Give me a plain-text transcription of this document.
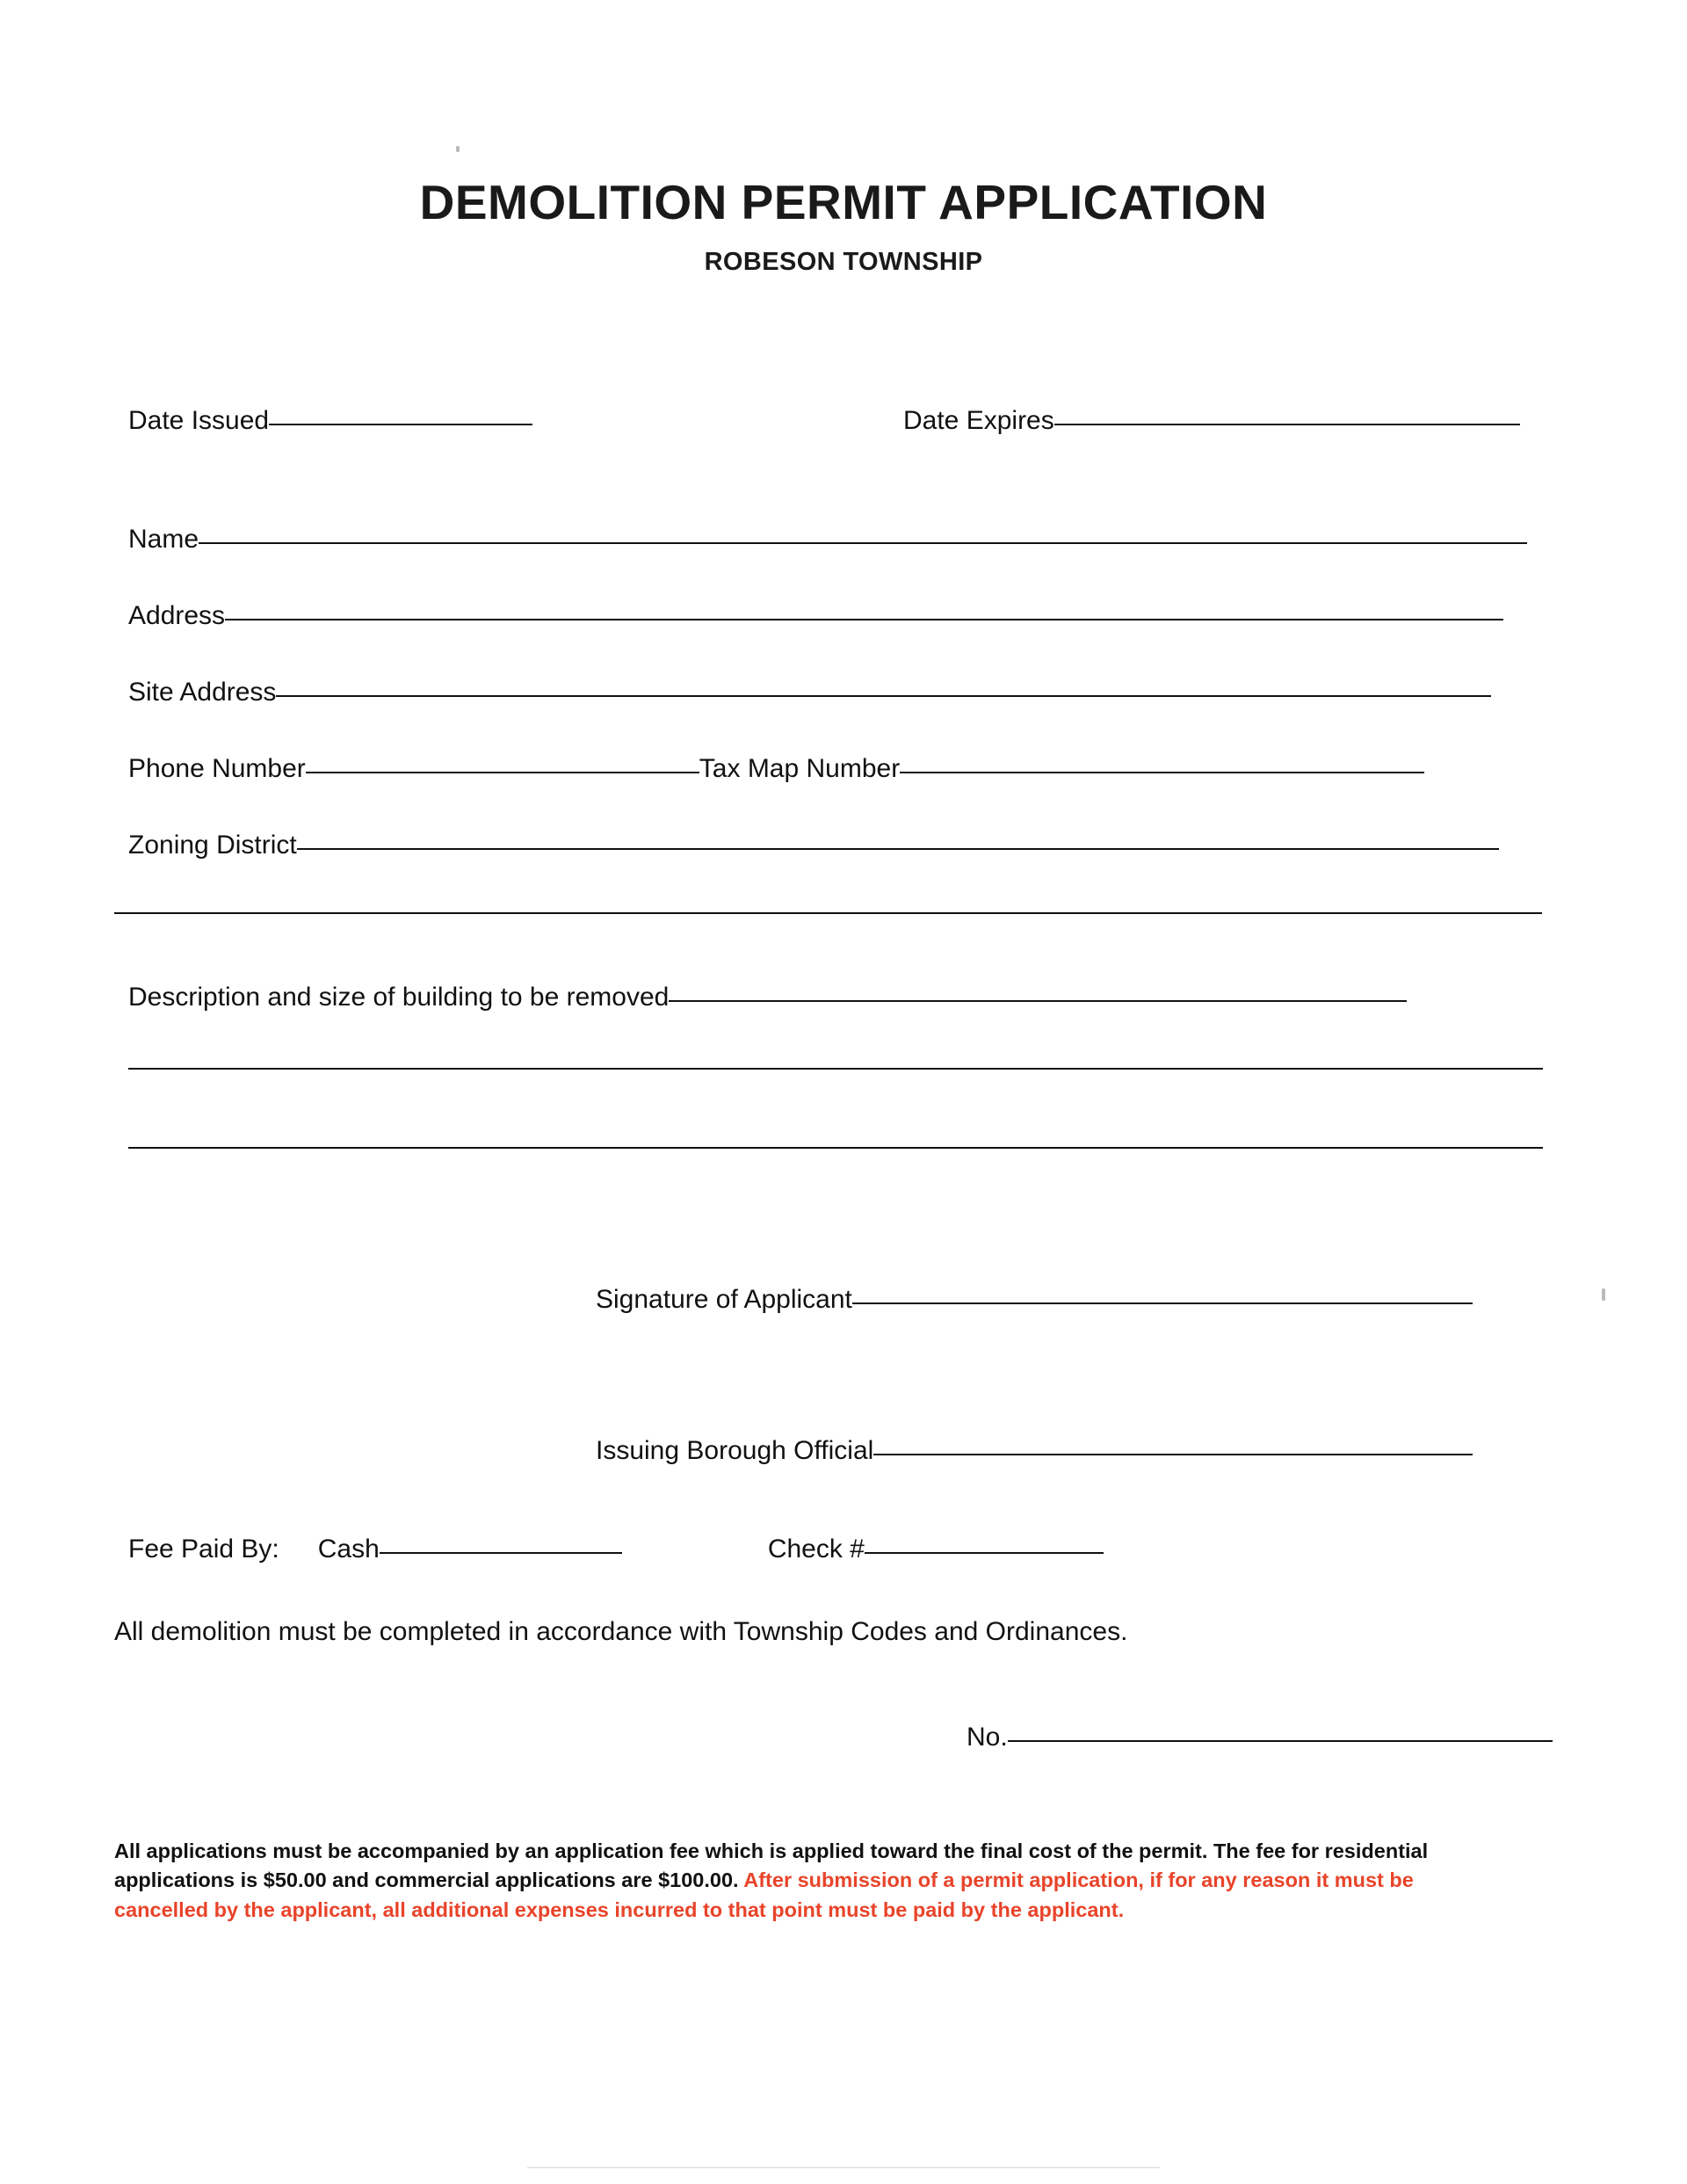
DEMOLITION PERMIT APPLICATION
ROBESON TOWNSHIP
Date Issued	Date Expires
Name
Address
Site Address
Phone Number	Tax Map Number
Zoning District
Description and size of building to be removed
Signature of Applicant
Issuing Borough Official
Fee Paid By: Cash	Check #
All demolition must be completed in accordance with Township Codes and Ordinances.
No.
All applications must be accompanied by an application fee which is applied toward the final cost of the permit. The fee for residential applications is $50.00 and commercial applications are $100.00. After submission of a permit application, if for any reason it must be cancelled by the applicant, all additional expenses incurred to that point must be paid by the applicant.
